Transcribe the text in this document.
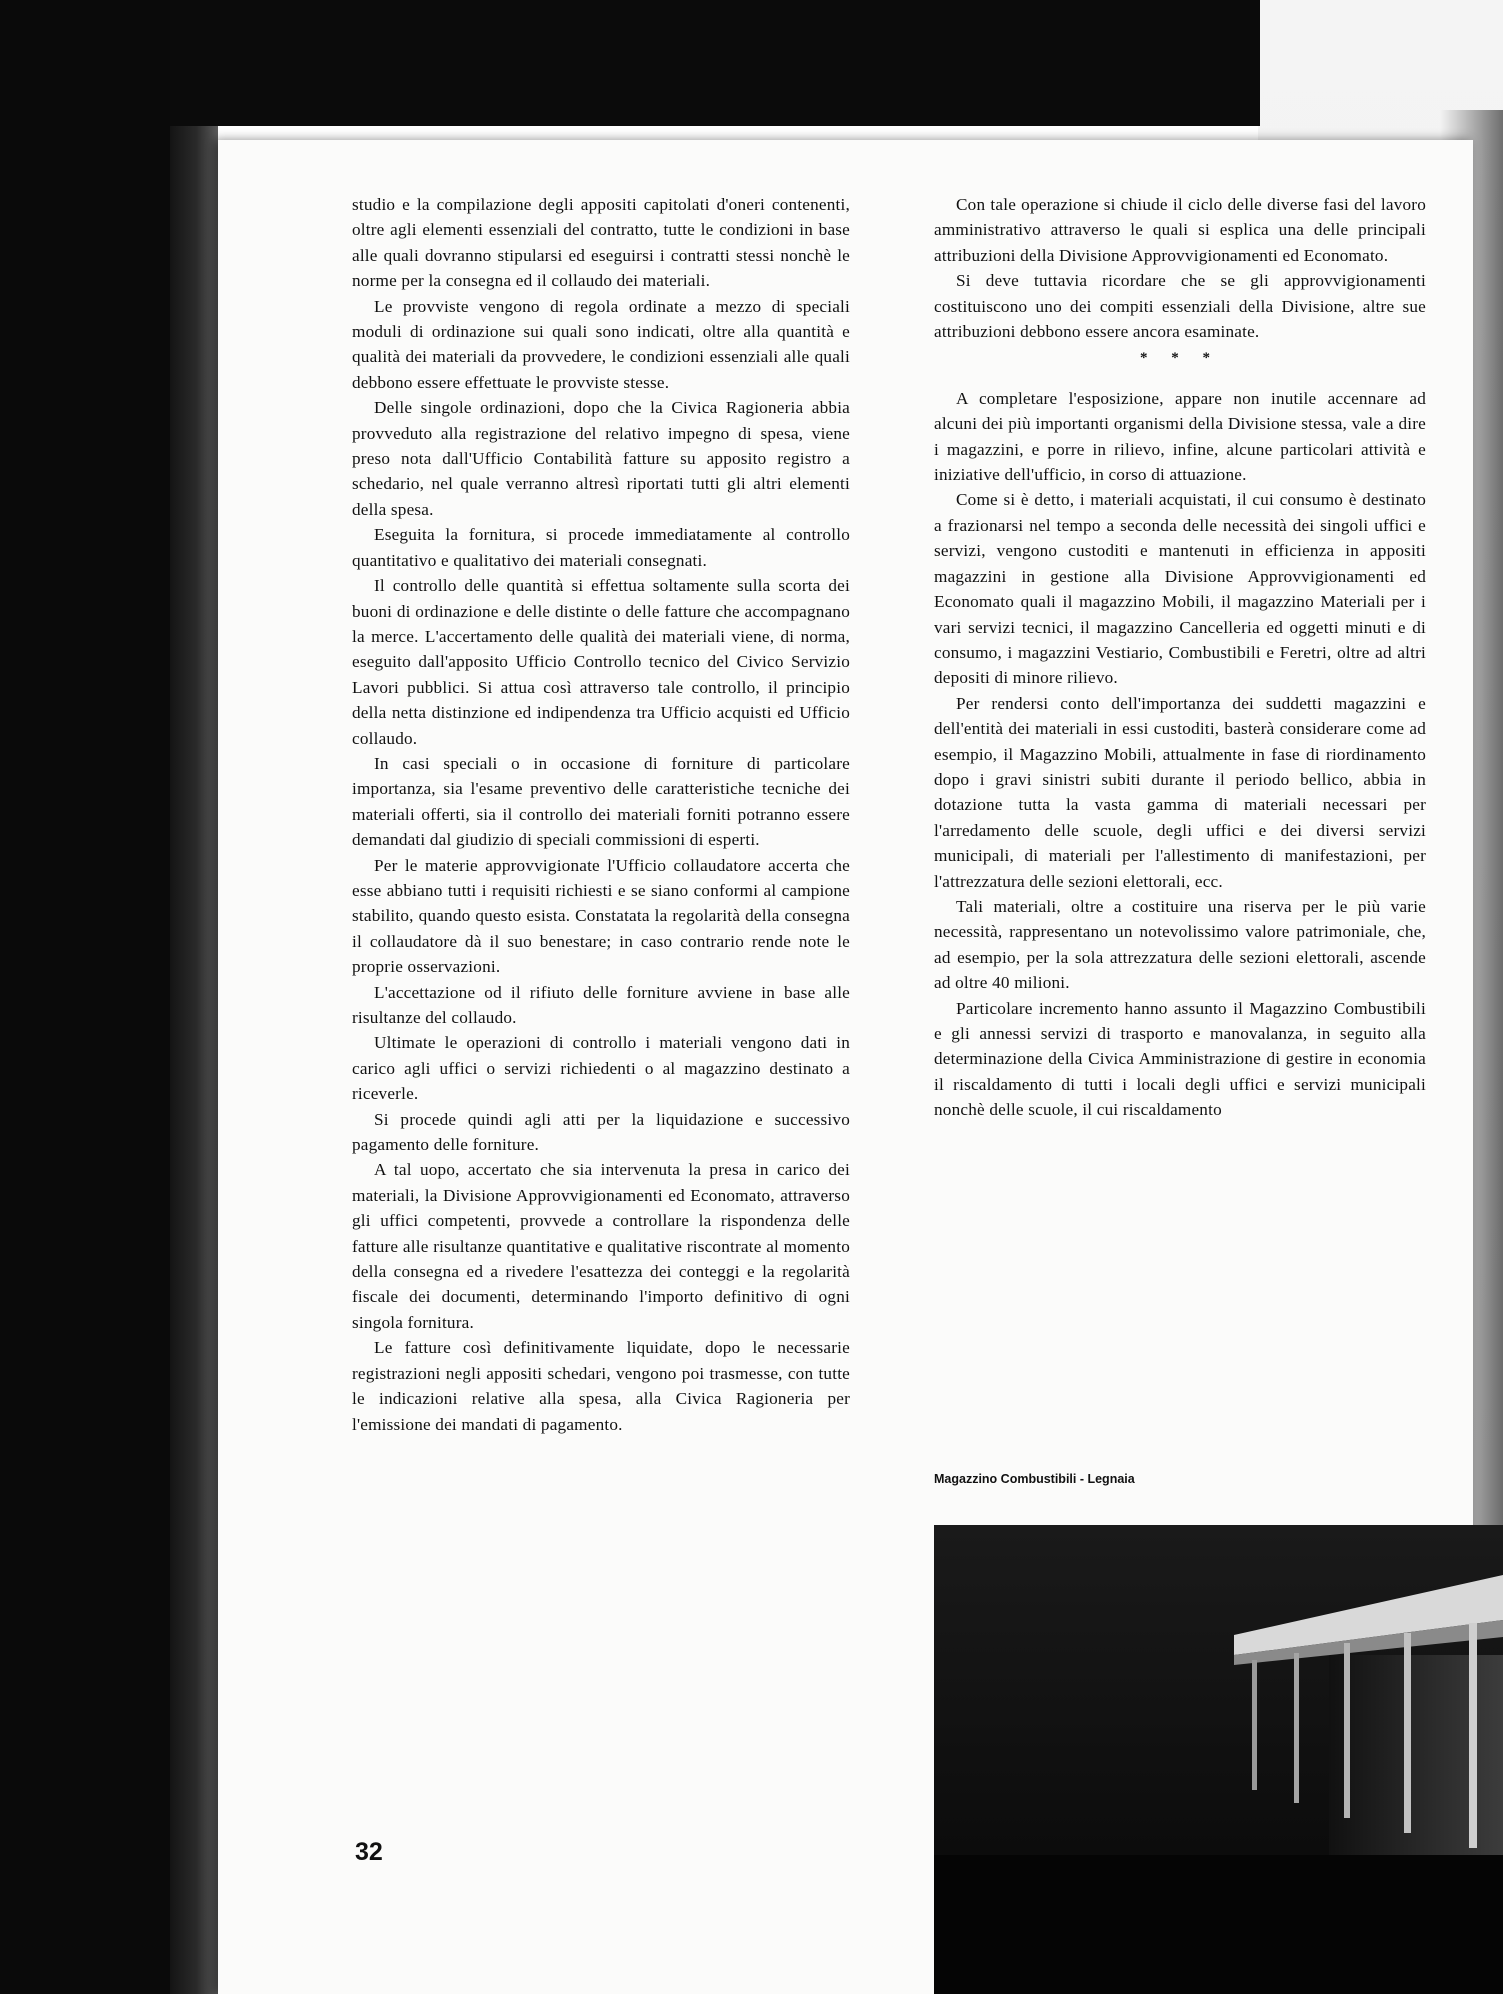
studio e la compilazione degli appositi capitolati d'oneri contenenti, oltre agli elementi essenziali del contratto, tutte le condizioni in base alle quali dovranno stipularsi ed eseguirsi i contratti stessi nonchè le norme per la consegna ed il collaudo dei materiali.

Le provviste vengono di regola ordinate a mezzo di speciali moduli di ordinazione sui quali sono indicati, oltre alla quantità e qualità dei materiali da provvedere, le condizioni essenziali alle quali debbono essere effettuate le provviste stesse.

Delle singole ordinazioni, dopo che la Civica Ragioneria abbia provveduto alla registrazione del relativo impegno di spesa, viene preso nota dall'Ufficio Contabilità fatture su apposito registro a schedario, nel quale verranno altresì riportati tutti gli altri elementi della spesa.

Eseguita la fornitura, si procede immediatamente al controllo quantitativo e qualitativo dei materiali consegnati.

Il controllo delle quantità si effettua soltamente sulla scorta dei buoni di ordinazione e delle distinte o delle fatture che accompagnano la merce. L'accertamento delle qualità dei materiali viene, di norma, eseguito dall'apposito Ufficio Controllo tecnico del Civico Servizio Lavori pubblici. Si attua così attraverso tale controllo, il principio della netta distinzione ed indipendenza tra Ufficio acquisti ed Ufficio collaudo.

In casi speciali o in occasione di forniture di particolare importanza, sia l'esame preventivo delle caratteristiche tecniche dei materiali offerti, sia il controllo dei materiali forniti potranno essere demandati dal giudizio di speciali commissioni di esperti.

Per le materie approvvigionate l'Ufficio collaudatore accerta che esse abbiano tutti i requisiti richiesti e se siano conformi al campione stabilito, quando questo esista. Constatata la regolarità della consegna il collaudatore dà il suo benestare; in caso contrario rende note le proprie osservazioni.

L'accettazione od il rifiuto delle forniture avviene in base alle risultanze del collaudo.

Ultimate le operazioni di controllo i materiali vengono dati in carico agli uffici o servizi richiedenti o al magazzino destinato a riceverle.

Si procede quindi agli atti per la liquidazione e successivo pagamento delle forniture.

A tal uopo, accertato che sia intervenuta la presa in carico dei materiali, la Divisione Approvvigionamenti ed Economato, attraverso gli uffici competenti, provvede a controllare la rispondenza delle fatture alle risultanze quantitative e qualitative riscontrate al momento della consegna ed a rivedere l'esattezza dei conteggi e la regolarità fiscale dei documenti, determinando l'importo definitivo di ogni singola fornitura.

Le fatture così definitivamente liquidate, dopo le necessarie registrazioni negli appositi schedari, vengono poi trasmesse, con tutte le indicazioni relative alla spesa, alla Civica Ragioneria per l'emissione dei mandati di pagamento.

Con tale operazione si chiude il ciclo delle diverse fasi del lavoro amministrativo attraverso le quali si esplica una delle principali attribuzioni della Divisione Approvvigionamenti ed Economato.

Si deve tuttavia ricordare che se gli approvvigionamenti costituiscono uno dei compiti essenziali della Divisione, altre sue attribuzioni debbono essere ancora esaminate.

* * *

A completare l'esposizione, appare non inutile accennare ad alcuni dei più importanti organismi della Divisione stessa, vale a dire i magazzini, e porre in rilievo, infine, alcune particolari attività e iniziative dell'ufficio, in corso di attuazione.

Come si è detto, i materiali acquistati, il cui consumo è destinato a frazionarsi nel tempo a seconda delle necessità dei singoli uffici e servizi, vengono custoditi e mantenuti in efficienza in appositi magazzini in gestione alla Divisione Approvvigionamenti ed Economato quali il magazzino Mobili, il magazzino Materiali per i vari servizi tecnici, il magazzino Cancelleria ed oggetti minuti e di consumo, i magazzini Vestiario, Combustibili e Feretri, oltre ad altri depositi di minore rilievo.

Per rendersi conto dell'importanza dei suddetti magazzini e dell'entità dei materiali in essi custoditi, basterà considerare come ad esempio, il Magazzino Mobili, attualmente in fase di riordinamento dopo i gravi sinistri subiti durante il periodo bellico, abbia in dotazione tutta la vasta gamma di materiali necessari per l'arredamento delle scuole, degli uffici e dei diversi servizi municipali, di materiali per l'allestimento di manifestazioni, per l'attrezzatura delle sezioni elettorali, ecc.

Tali materiali, oltre a costituire una riserva per le più varie necessità, rappresentano un notevolissimo valore patrimoniale, che, ad esempio, per la sola attrezzatura delle sezioni elettorali, ascende ad oltre 40 milioni.

Particolare incremento hanno assunto il Magazzino Combustibili e gli annessi servizi di trasporto e manovalanza, in seguito alla determinazione della Civica Amministrazione di gestire in economia il riscaldamento di tutti i locali degli uffici e servizi municipali nonchè delle scuole, il cui riscaldamento

Magazzino Combustibili - Legnaia
32
